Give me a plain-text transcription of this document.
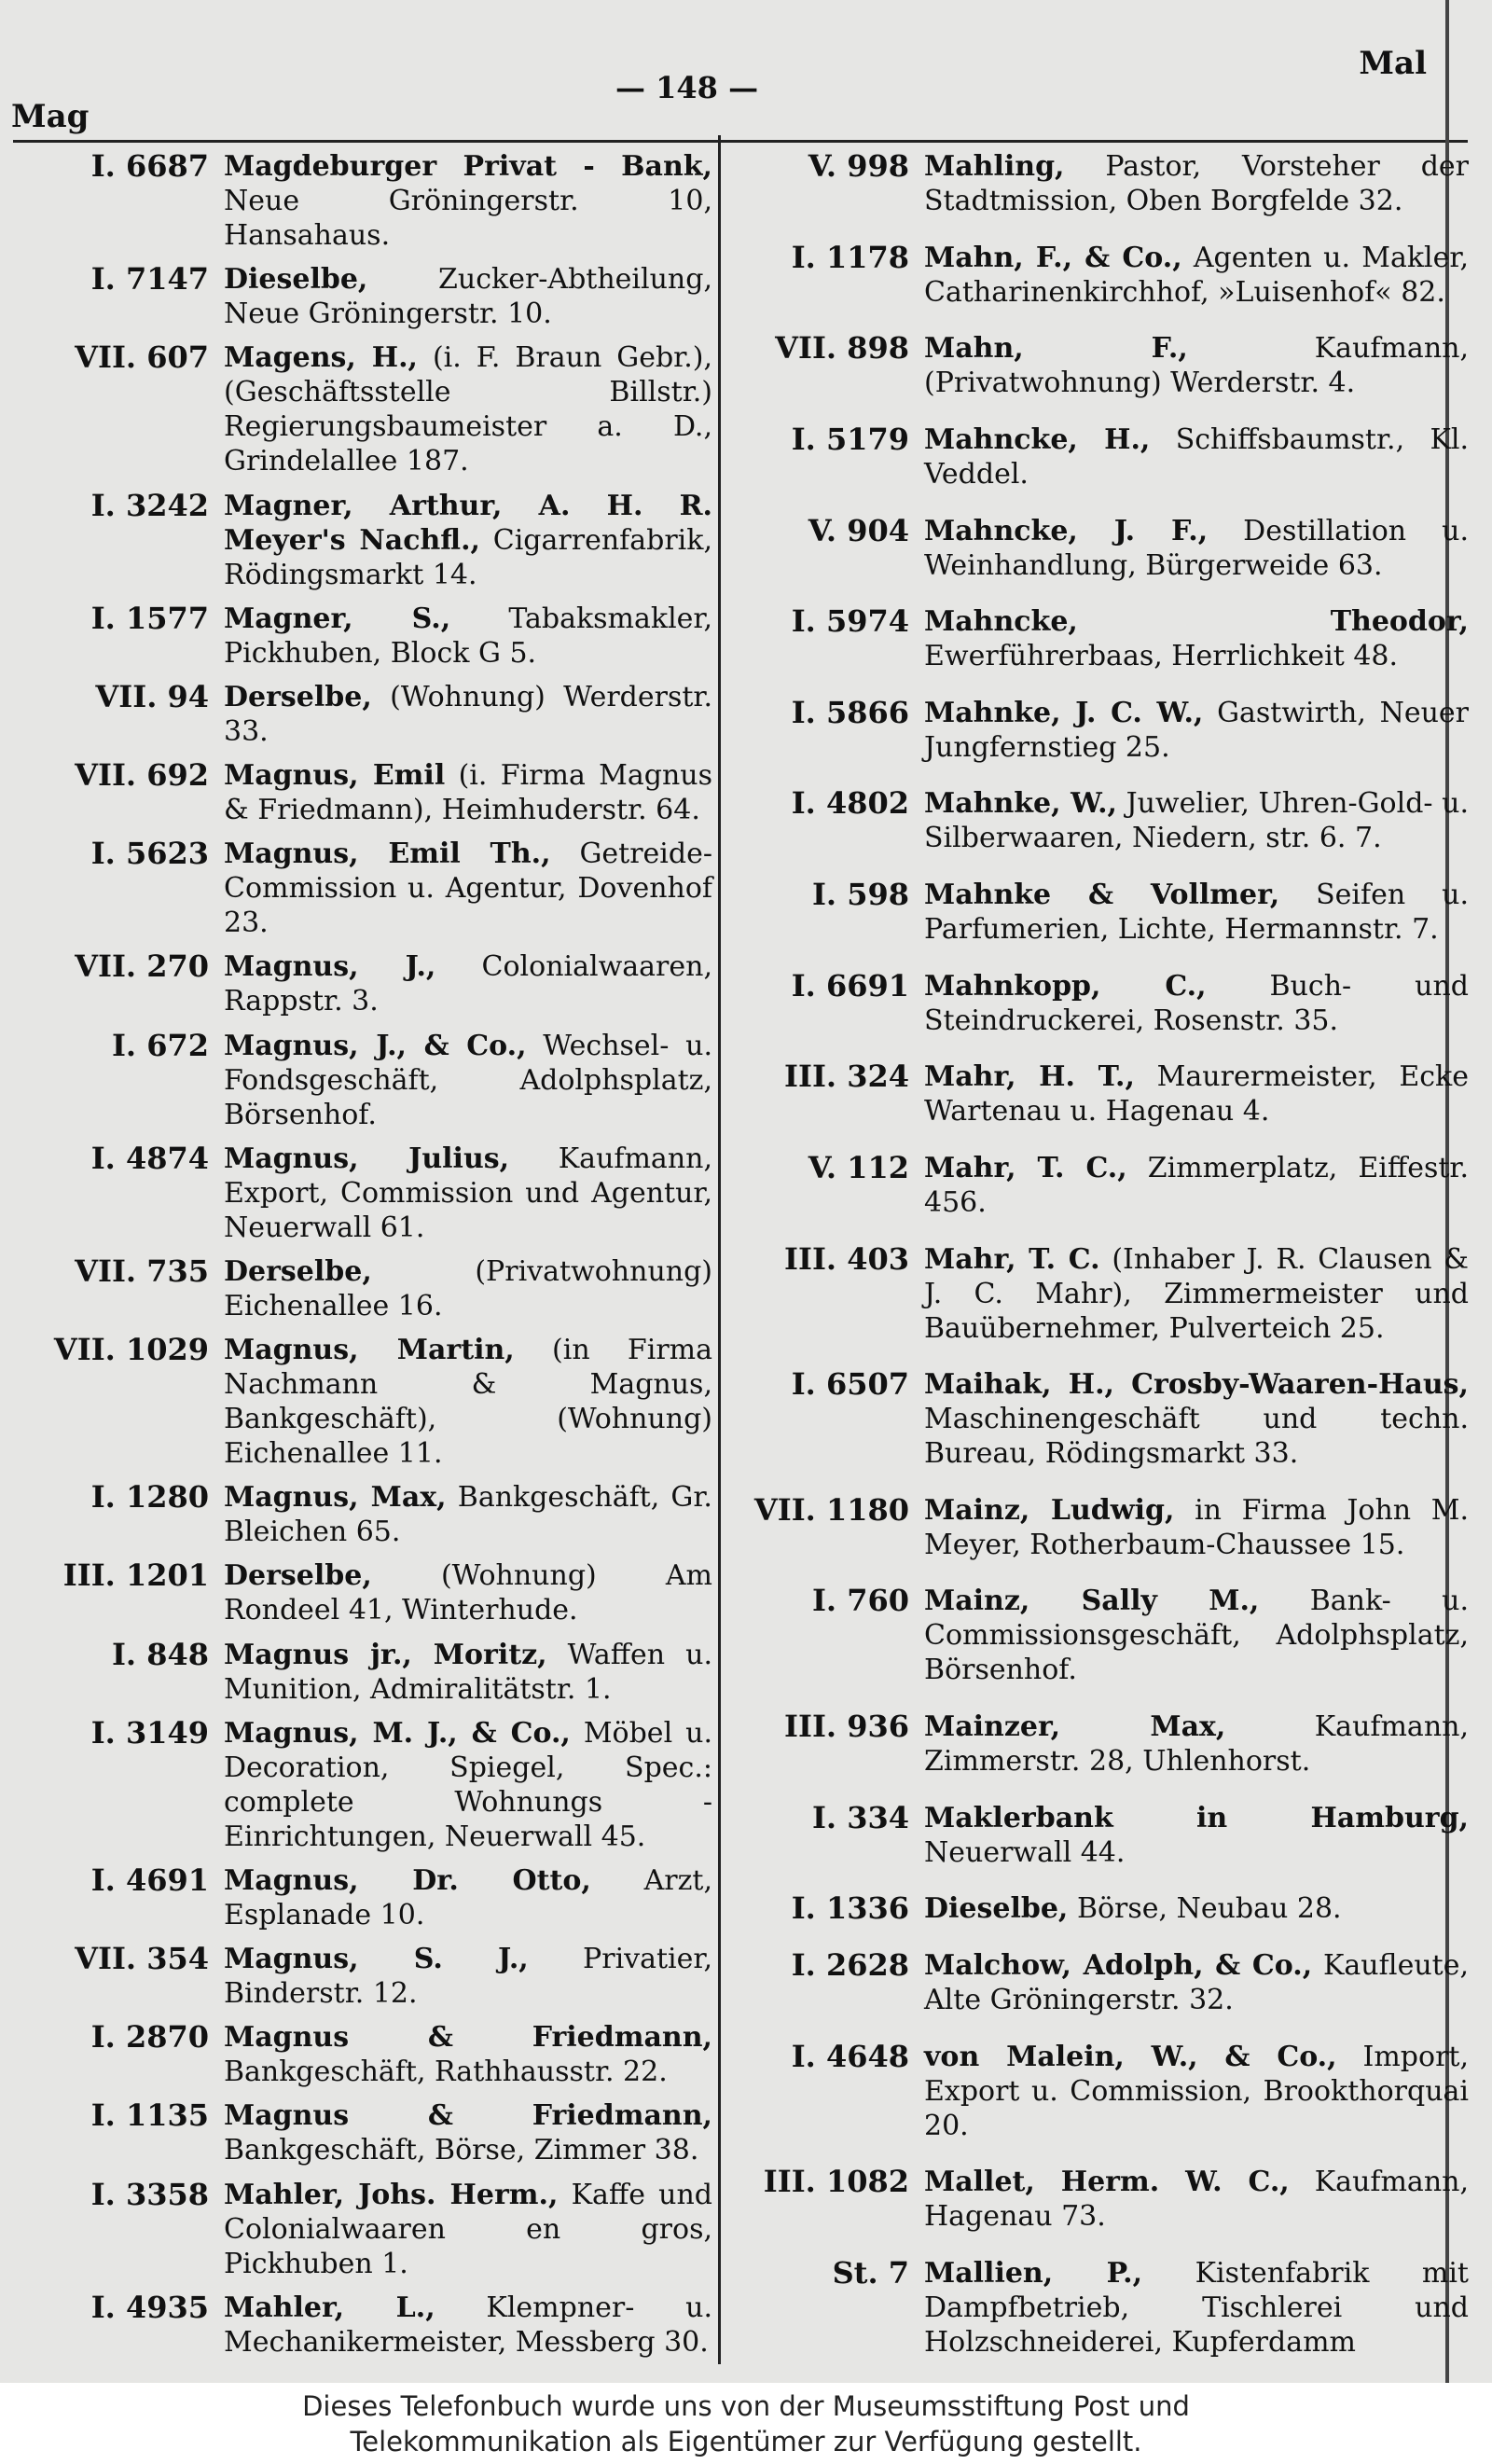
Mag
— 148 —
Mal
I. 6687 Magdeburger Privat - Bank, Neue Gröningerstr. 10, Hansahaus.
I. 7147 Dieselbe,	Zucker-Abtheilung, Neue Gröningerstr. 10.
VII. 607 Magens, H., (i. F. Braun Gebr.), (Geschäftsstelle Billstr.) Regierungsbaumeister a. D., Grindelallee 187.
I. 3242 Magner, Arthur, A. H. R. Meyer's Nachfl., Cigarrenfabrik, Rödingsmarkt 14.
I. 1577 Magner, S., Tabaksmakler, Pickhuben, Block G 5.
VII. 94 Derselbe, (Wohnung) Werderstr. 33.
VII. 692 Magnus, Emil (i. Firma Magnus & Friedmann), Heimhuderstr. 64.
I. 5623 Magnus, Emil Th., Getreide-Commission u. Agentur, Dovenhof 23.
VII. 270 Magnus, J., Colonialwaaren, Rappstr. 3.
I. 672 Magnus, J., & Co., Wechsel- u. Fondsgeschäft, Adolphsplatz, Börsenhof.
I. 4874 Magnus, Julius, Kaufmann, Export, Commission und Agentur, Neuerwall 61.
VII. 735 Derselbe,	(Privatwohnung) Eichenallee 16.
VII. 1029 Magnus, Martin, (in Firma Nachmann & Magnus, Bankgeschäft), (Wohnung) Eichenallee 11.
I. 1280 Magnus, Max, Bankgeschäft, Gr. Bleichen 65.
III. 1201 Derselbe, (Wohnung) Am Rondeel 41, Winterhude.
I. 848 Magnus jr., Moritz, Waffen u. Munition, Admiralitätstr. 1.
I. 3149 Magnus, M. J., & Co., Möbel u. Decoration, Spiegel, Spec.: complete Wohnungs - Einrichtungen, Neuerwall 45.
I. 4691 Magnus, Dr. Otto, Arzt, Esplanade 10.
VII. 354 Magnus, S. J., Privatier, Binderstr. 12.
I. 2870 Magnus & Friedmann, Bankgeschäft, Rathhausstr. 22.
I. 1135 Magnus & Friedmann, Bankgeschäft, Börse, Zimmer 38.
I. 3358 Mahler, Johs. Herm., Kaffe und Colonialwaaren en gros, Pickhuben 1.
I. 4935 Mahler, L., Klempner- u. Mechanikermeister, Messberg 30.
V. 998 Mahling, Pastor, Vorsteher der Stadtmission, Oben Borgfelde 32.
I. 1178 Mahn, F., & Co., Agenten u. Makler, Catharinenkirchhof, »Luisenhof« 82.
VII. 898 Mahn, F.,	Kaufmann, (Privatwohnung) Werderstr. 4.
I. 5179 Mahncke, H., Schiffsbaumstr., Kl. Veddel.
V. 904 Mahncke, J. F., Destillation u. Weinhandlung, Bürgerweide 63.
I. 5974 Mahncke, Theodor, Ewerführerbaas, Herrlichkeit 48.
I. 5866 Mahnke, J. C. W., Gastwirth, Neuer Jungfernstieg 25.
I. 4802 Mahnke, W., Juwelier, Uhren-Gold- u. Silberwaaren, Niedern, str. 6. 7.
I. 598 Mahnke & Vollmer, Seifen u. Parfumerien, Lichte, Hermannstr. 7.
I. 6691 Mahnkopp, C., Buch- und Steindruckerei, Rosenstr. 35.
III. 324 Mahr, H. T., Maurermeister, Ecke Wartenau u. Hagenau 4.
V. 112 Mahr, T. C., Zimmerplatz, Eiffestr. 456.
III. 403 Mahr, T. C. (Inhaber J. R. Clausen & J. C. Mahr), Zimmermeister und Bauübernehmer, Pulverteich 25.
I. 6507 Maihak, H., Crosby-Waaren-Haus, Maschinengeschäft und techn. Bureau, Rödingsmarkt 33.
VII. 1180 Mainz, Ludwig, in Firma John M. Meyer, Rotherbaum-Chaussee 15.
I. 760 Mainz, Sally M., Bank- u. Commissionsgeschäft, Adolphsplatz, Börsenhof.
III. 936 Mainzer, Max,	Kaufmann, Zimmerstr. 28, Uhlenhorst.
I. 334 Maklerbank in Hamburg, Neuerwall 44.
I. 1336 Dieselbe, Börse, Neubau 28.
I. 2628 Malchow, Adolph, & Co., Kaufleute, Alte Gröningerstr. 32.
I. 4648 von Malein, W., & Co., Import, Export u. Commission, Brookthorquai 20.
III. 1082 Mallet, Herm. W. C., Kaufmann, Hagenau 73.
St. 7 Mallien, P., Kistenfabrik mit Dampfbetrieb, Tischlerei und Holzschneiderei, Kupferdamm
Dieses Telefonbuch wurde uns von der Museumsstiftung Post und
Telekommunikation als Eigentümer zur Verfügung gestellt.
